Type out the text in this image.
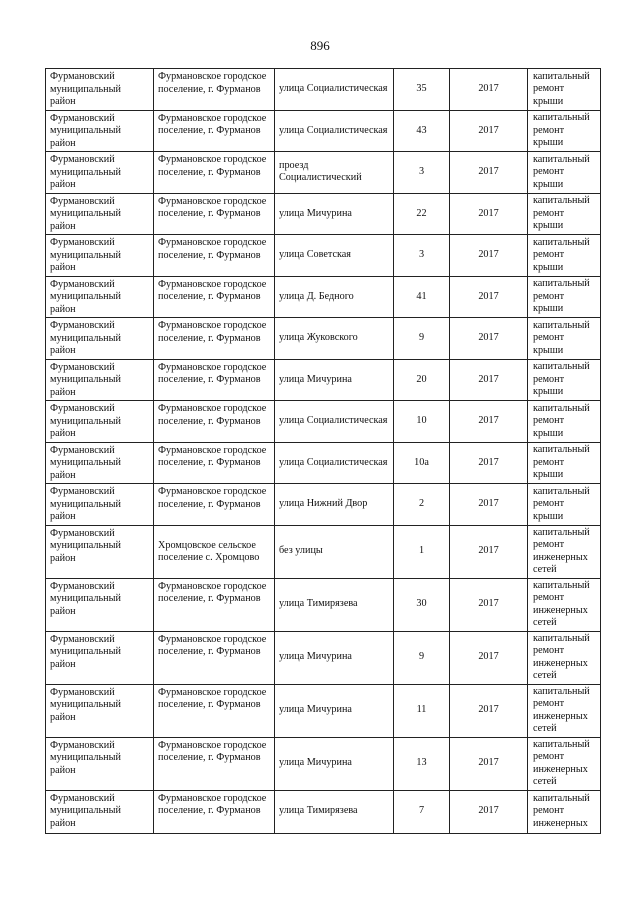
896
Фурмановский муниципальный район	Фурмановское городское поселение, г. Фурманов	улица Социалистическая	35	2017	капитальный ремонт крыши
Фурмановский муниципальный район	Фурмановское городское поселение, г. Фурманов	улица Социалистическая	43	2017	капитальный ремонт крыши
Фурмановский муниципальный район	Фурмановское городское поселение, г. Фурманов	проезд Социалистический	3	2017	капитальный ремонт крыши
Фурмановский муниципальный район	Фурмановское городское поселение, г. Фурманов	улица Мичурина	22	2017	капитальный ремонт крыши
Фурмановский муниципальный район	Фурмановское городское поселение, г. Фурманов	улица Советская	3	2017	капитальный ремонт крыши
Фурмановский муниципальный район	Фурмановское городское поселение, г. Фурманов	улица Д. Бедного	41	2017	капитальный ремонт крыши
Фурмановский муниципальный район	Фурмановское городское поселение, г. Фурманов	улица Жуковского	9	2017	капитальный ремонт крыши
Фурмановский муниципальный район	Фурмановское городское поселение, г. Фурманов	улица Мичурина	20	2017	капитальный ремонт крыши
Фурмановский муниципальный район	Фурмановское городское поселение, г. Фурманов	улица Социалистическая	10	2017	капитальный ремонт крыши
Фурмановский муниципальный район	Фурмановское городское поселение, г. Фурманов	улица Социалистическая	10а	2017	капитальный ремонт крыши
Фурмановский муниципальный район	Фурмановское городское поселение, г. Фурманов	улица Нижний Двор	2	2017	капитальный ремонт крыши
Фурмановский муниципальный район	Хромцовское сельское поселение с. Хромцово	без улицы	1	2017	капитальный ремонт инженерных сетей
Фурмановский муниципальный район	Фурмановское городское поселение, г. Фурманов	улица Тимирязева	30	2017	капитальный ремонт инженерных сетей
Фурмановский муниципальный район	Фурмановское городское поселение, г. Фурманов	улица Мичурина	9	2017	капитальный ремонт инженерных сетей
Фурмановский муниципальный район	Фурмановское городское поселение, г. Фурманов	улица Мичурина	11	2017	капитальный ремонт инженерных сетей
Фурмановский муниципальный район	Фурмановское городское поселение, г. Фурманов	улица Мичурина	13	2017	капитальный ремонт инженерных сетей
Фурмановский муниципальный район	Фурмановское городское поселение, г. Фурманов	улица Тимирязева	7	2017	капитальный ремонт инженерных
